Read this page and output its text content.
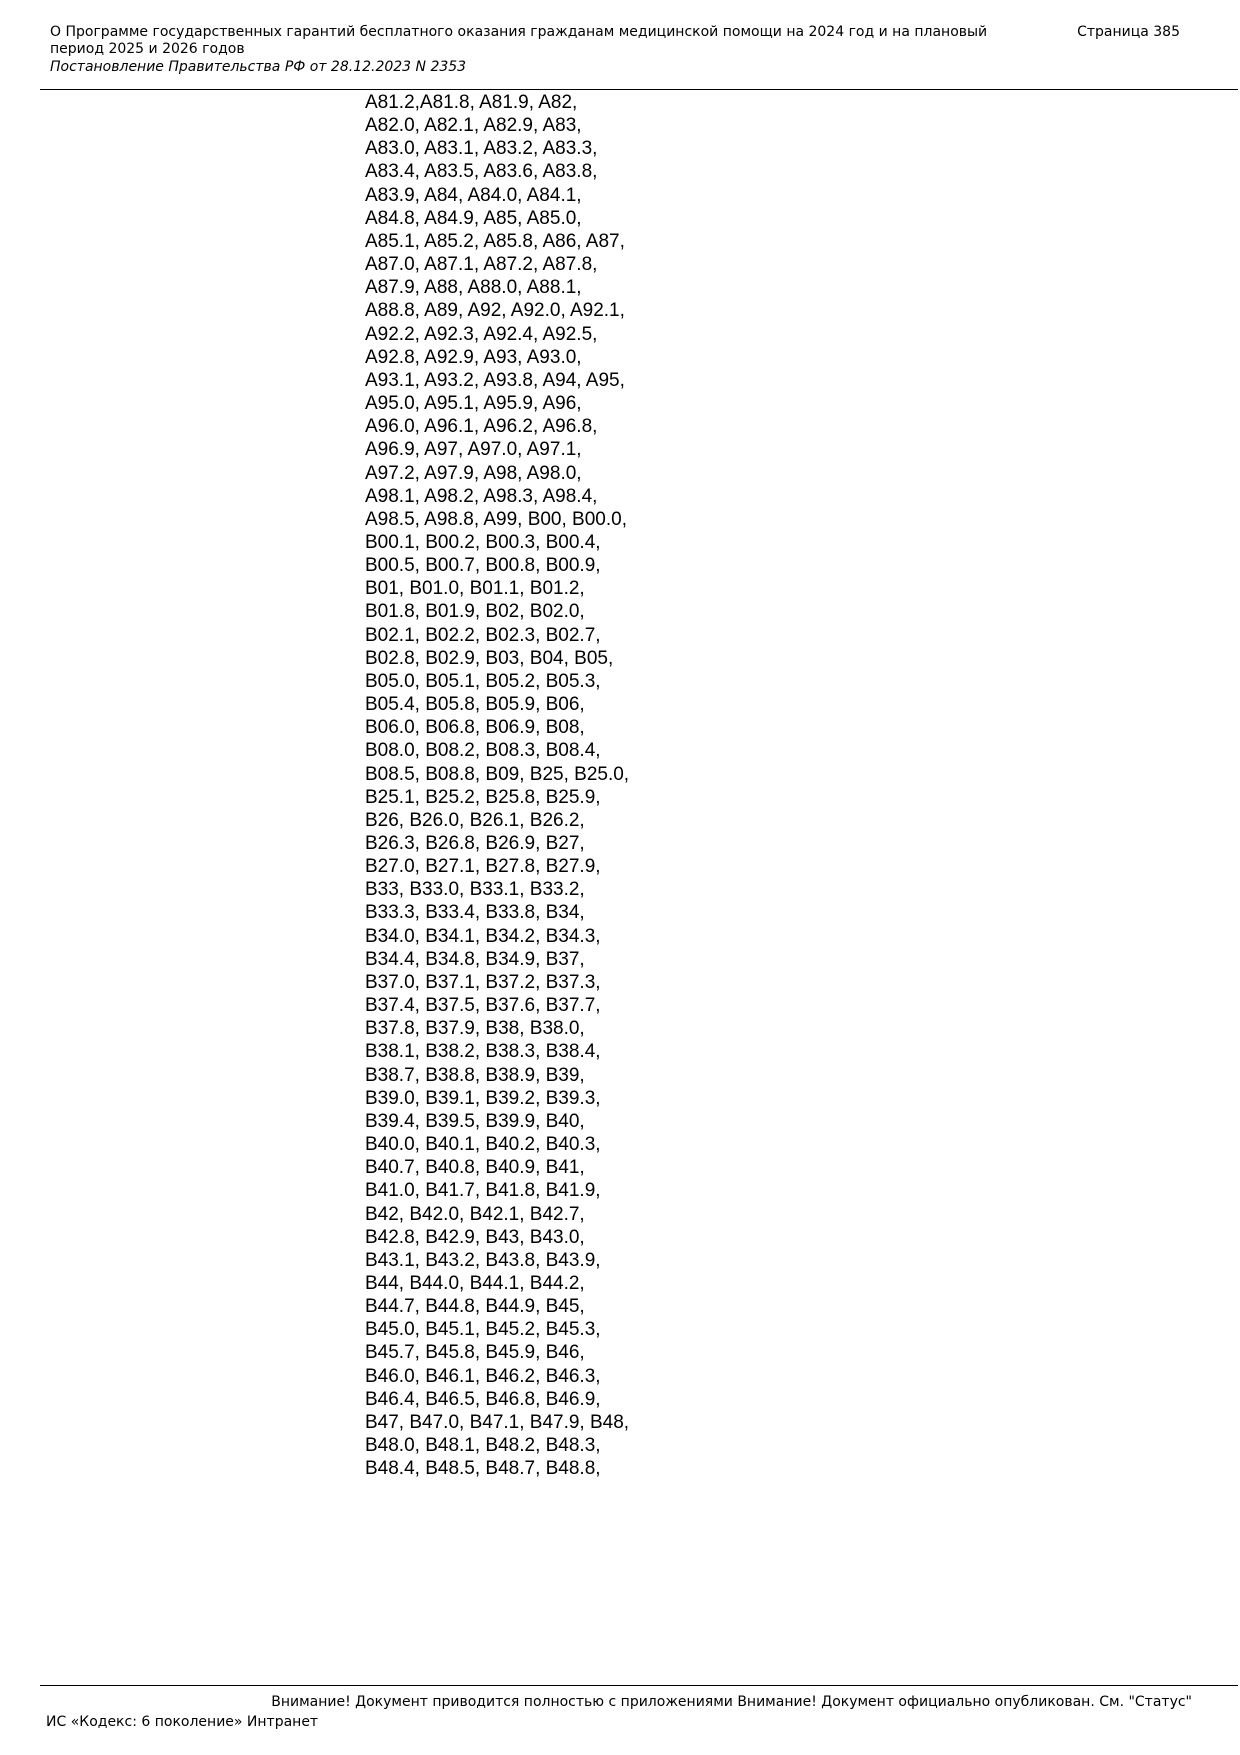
О Программе государственных гарантий бесплатного оказания гражданам медицинской помощи на 2024 год и на плановый период 2025 и 2026 годов
Страница 385
Постановление Правительства РФ от 28.12.2023 N 2353
A81.2,A81.8, A81.9, A82,
A82.0, A82.1, A82.9, A83,
A83.0, A83.1, A83.2, A83.3,
A83.4, A83.5, A83.6, A83.8,
A83.9, A84, A84.0, A84.1,
A84.8, A84.9, A85, A85.0,
A85.1, A85.2, A85.8, A86, A87,
A87.0, A87.1, A87.2, A87.8,
A87.9, A88, A88.0, A88.1,
A88.8, A89, A92, A92.0, A92.1,
A92.2, A92.3, A92.4, A92.5,
A92.8, A92.9, A93, A93.0,
A93.1, A93.2, A93.8, A94, A95,
A95.0, A95.1, A95.9, A96,
A96.0, A96.1, A96.2, A96.8,
A96.9, A97, A97.0, A97.1,
A97.2, A97.9, A98, A98.0,
A98.1, A98.2, A98.3, A98.4,
A98.5, A98.8, A99, B00, B00.0,
B00.1, B00.2, B00.3, B00.4,
B00.5, B00.7, B00.8, B00.9,
B01, B01.0, B01.1, B01.2,
B01.8, B01.9, B02, B02.0,
B02.1, B02.2, B02.3, B02.7,
B02.8, B02.9, B03, B04, B05,
B05.0, B05.1, B05.2, B05.3,
B05.4, B05.8, B05.9, B06,
B06.0, B06.8, B06.9, B08,
B08.0, B08.2, B08.3, B08.4,
B08.5, B08.8, B09, B25, B25.0,
B25.1, B25.2, B25.8, B25.9,
B26, B26.0, B26.1, B26.2,
B26.3, B26.8, B26.9, B27,
B27.0, B27.1, B27.8, B27.9,
B33, B33.0, B33.1, B33.2,
B33.3, B33.4, B33.8, B34,
B34.0, B34.1, B34.2, B34.3,
B34.4, B34.8, B34.9, B37,
B37.0, B37.1, B37.2, B37.3,
B37.4, B37.5, B37.6, B37.7,
B37.8, B37.9, B38, B38.0,
B38.1, B38.2, B38.3, B38.4,
B38.7, B38.8, B38.9, B39,
B39.0, B39.1, B39.2, B39.3,
B39.4, B39.5, B39.9, B40,
B40.0, B40.1, B40.2, B40.3,
B40.7, B40.8, B40.9, B41,
B41.0, B41.7, B41.8, B41.9,
B42, B42.0, B42.1, B42.7,
B42.8, B42.9, B43, B43.0,
B43.1, B43.2, B43.8, B43.9,
B44, B44.0, B44.1, B44.2,
B44.7, B44.8, B44.9, B45,
B45.0, B45.1, B45.2, B45.3,
B45.7, B45.8, B45.9, B46,
B46.0, B46.1, B46.2, B46.3,
B46.4, B46.5, B46.8, B46.9,
B47, B47.0, B47.1, B47.9, B48,
B48.0, B48.1, B48.2, B48.3,
B48.4, B48.5, B48.7, B48.8,
Внимание! Документ приводится полностью с приложениями Внимание! Документ официально опубликован. См. "Статус"
ИС «Кодекс: 6 поколение» Интранет
